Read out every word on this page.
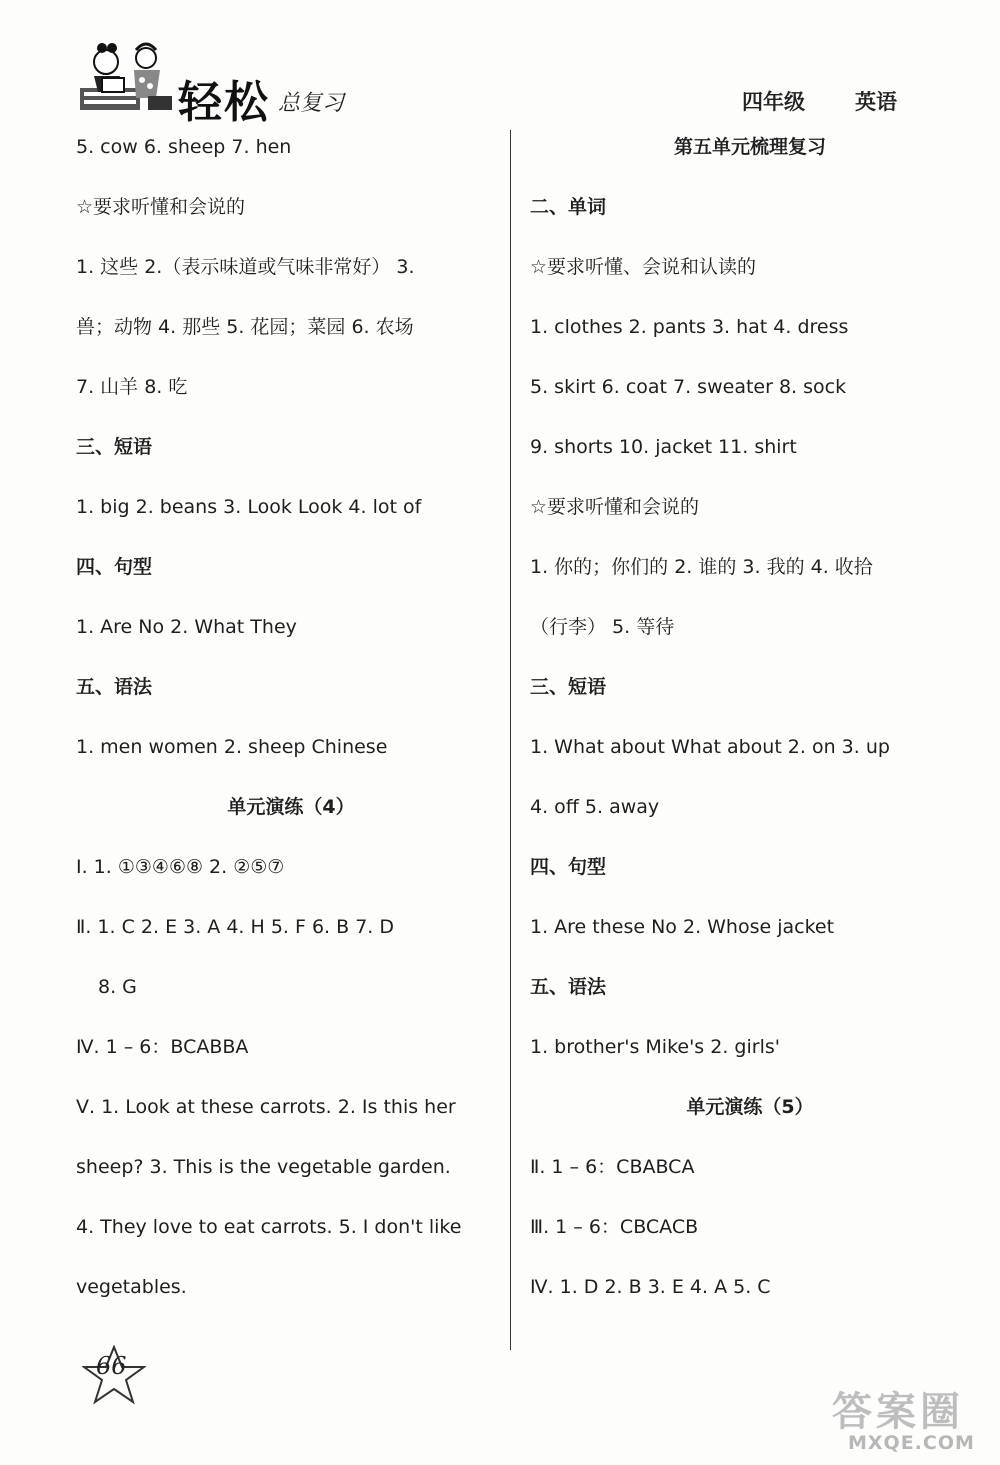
轻松 总复习	四年级 英语
5. cow 6. sheep 7. hen
☆要求听懂和会说的
1. 这些 2.（表示味道或气味非常好） 3.
兽；动物 4. 那些 5. 花园；菜园 6. 农场
7. 山羊 8. 吃
三、短语
1. big 2. beans 3. Look Look 4. lot of
四、句型
1. Are No 2. What They
五、语法
1. men women 2. sheep Chinese
单元演练（4）
Ⅰ. 1. ①③④⑥⑧ 2. ②⑤⑦
Ⅱ. 1. C 2. E 3. A 4. H 5. F 6. B 7. D
8. G
Ⅳ. 1 – 6：BCABBA
Ⅴ. 1. Look at these carrots. 2. Is this her
sheep? 3. This is the vegetable garden.
4. They love to eat carrots. 5. I don't like
vegetables.
第五单元梳理复习
二、单词
☆要求听懂、会说和认读的
1. clothes 2. pants 3. hat 4. dress
5. skirt 6. coat 7. sweater 8. sock
9. shorts 10. jacket 11. shirt
☆要求听懂和会说的
1. 你的；你们的 2. 谁的 3. 我的 4. 收拾
（行李） 5. 等待
三、短语
1. What about What about 2. on 3. up
4. off 5. away
四、句型
1. Are these No 2. Whose jacket
五、语法
1. brother's Mike's 2. girls'
单元演练（5）
Ⅱ. 1 – 6：CBABCA
Ⅲ. 1 – 6：CBCACB
Ⅳ. 1. D 2. B 3. E 4. A 5. C
66
答案圈
MXQE.COM
